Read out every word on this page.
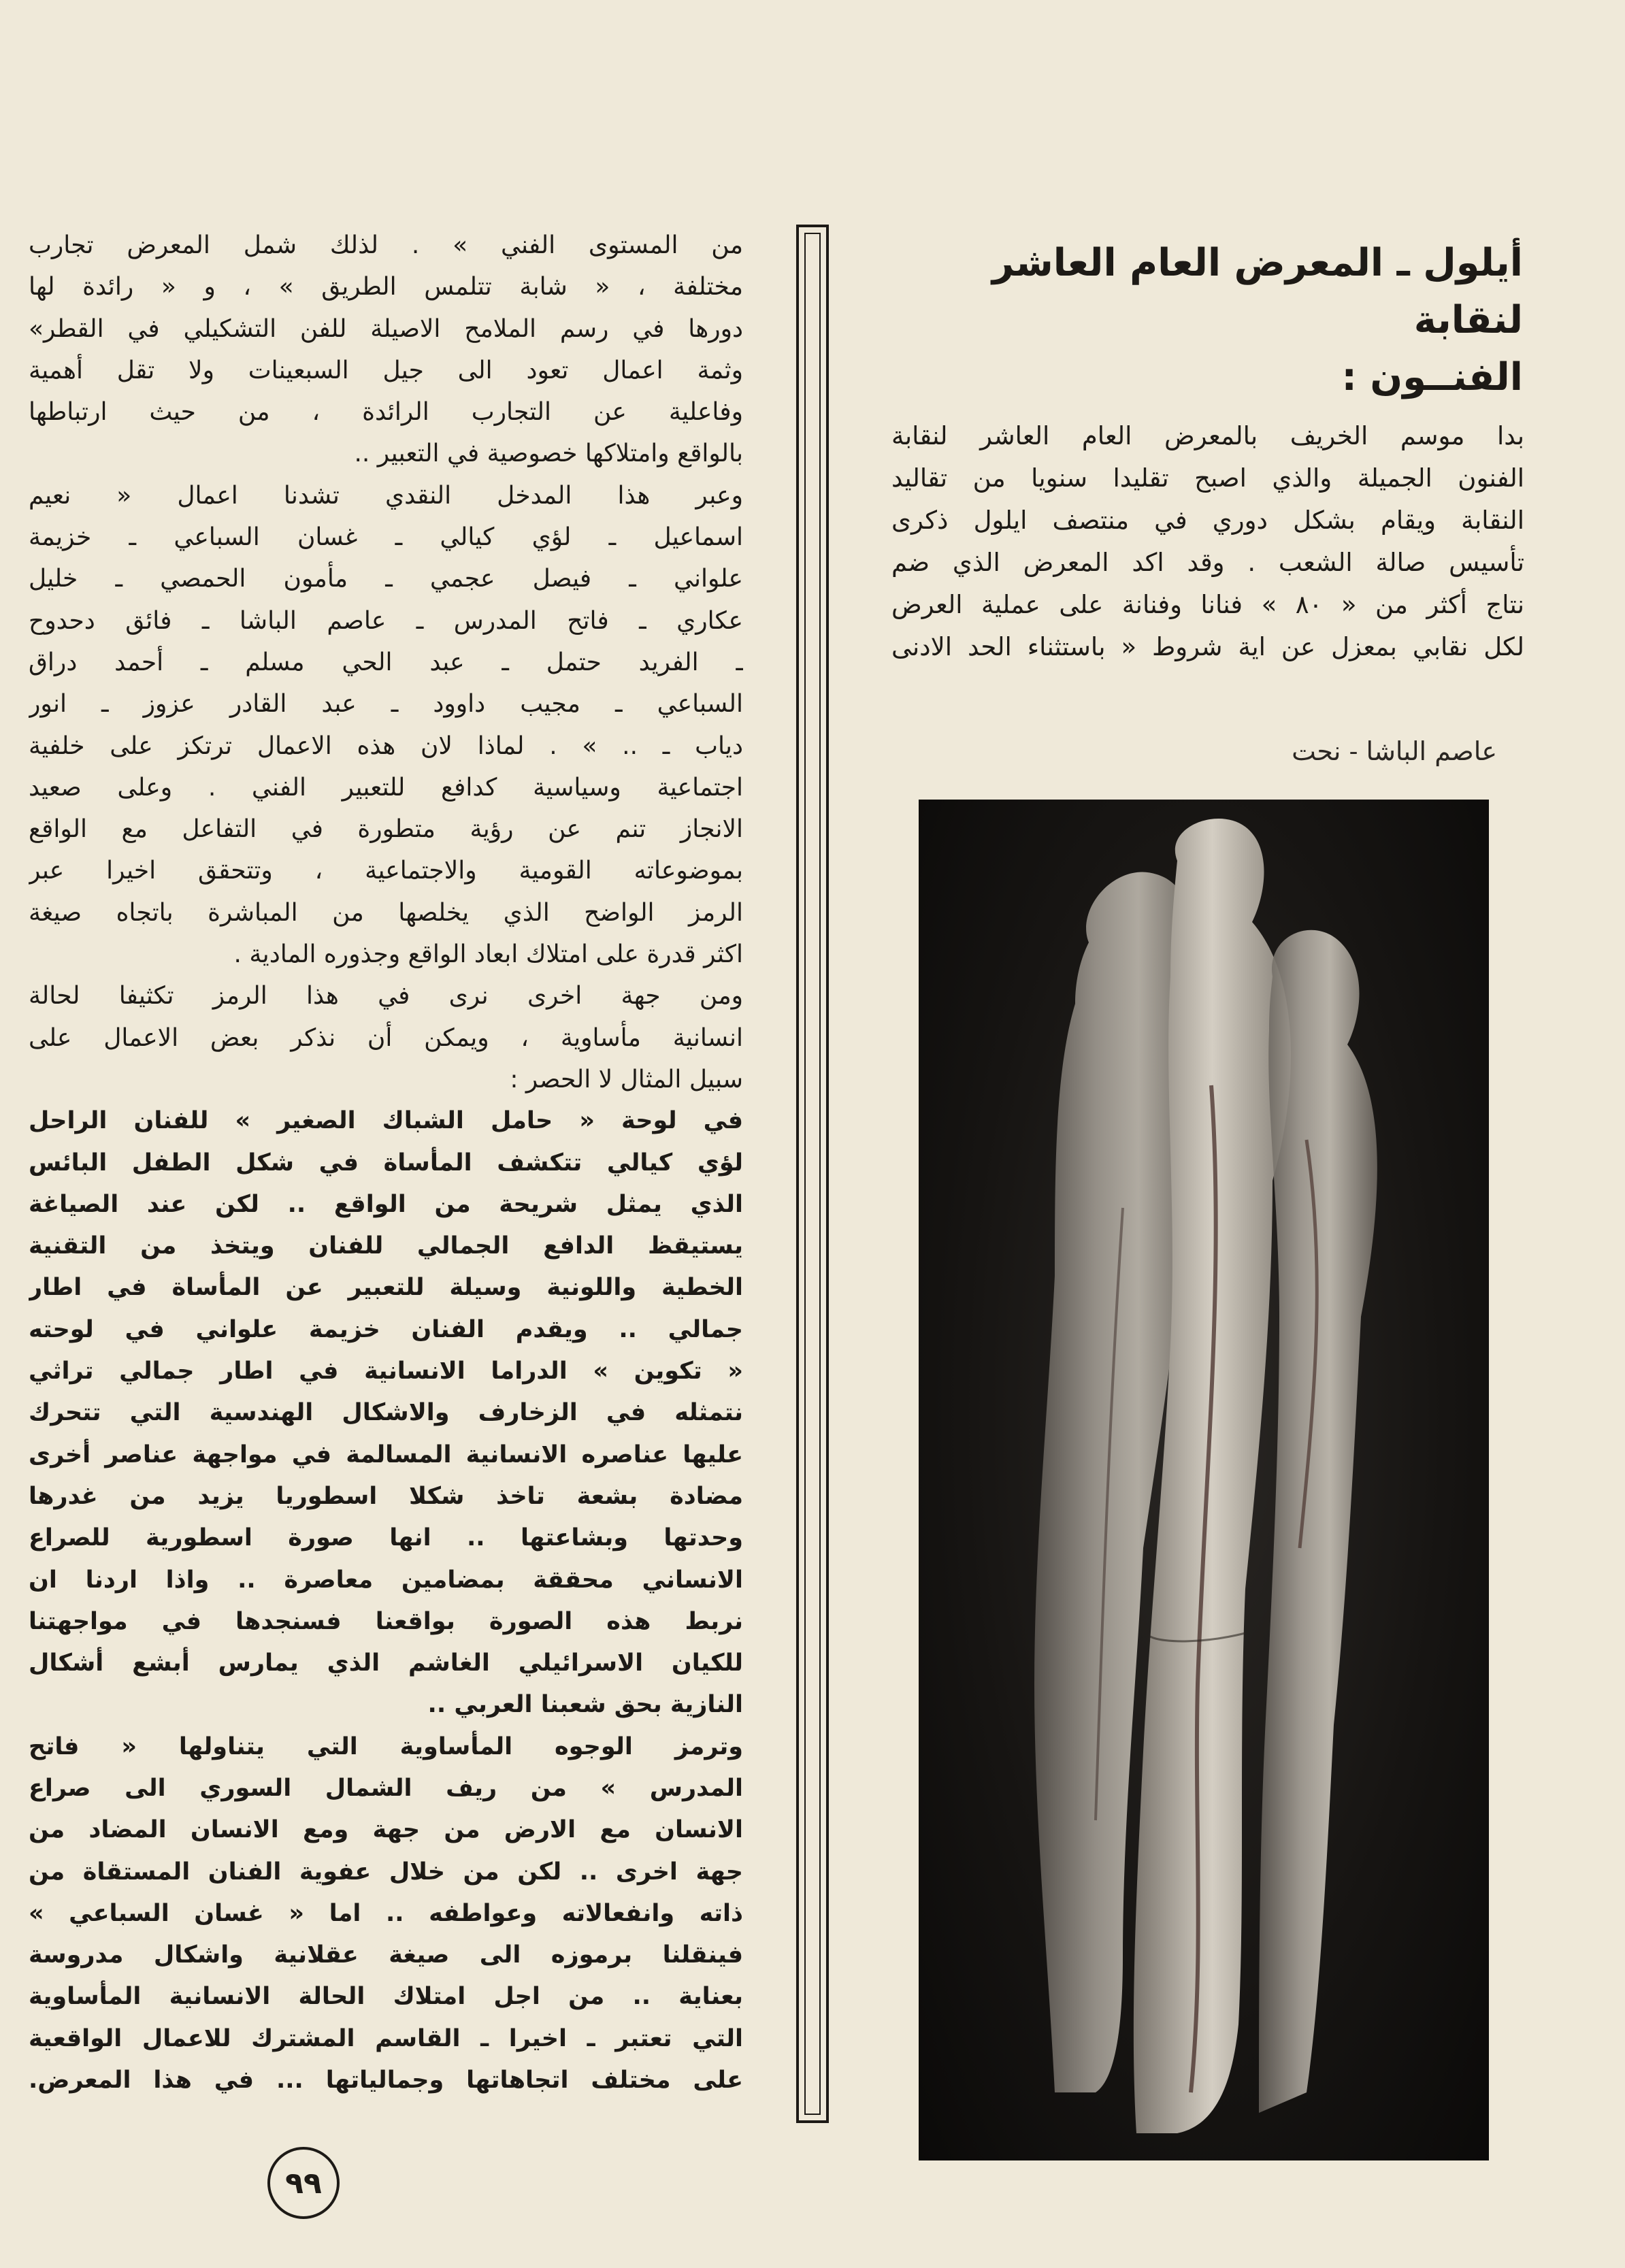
أيلول ـ المعرض العام العاشر لنقابة
الفنــون :
بدا موسم الخريف بالمعرض العام العاشر لنقابة
الفنون الجميلة والذي اصبح تقليدا سنويا من تقاليد
النقابة ويقام بشكل دوري في منتصف ايلول ذكرى
تأسيس صالة الشعب . وقد اكد المعرض الذي ضم
نتاج أكثر من « ٨٠ » فنانا وفنانة على عملية العرض
لكل نقابي بمعزل عن اية شروط « باستثناء الحد الادنى
عاصم الباشا - نحت
من المستوى الفني » . لذلك شمل المعرض تجارب
مختلفة ، « شابة تتلمس الطريق » ، و « رائدة لها
دورها في رسم الملامح الاصيلة للفن التشكيلي في القطر»
وثمة اعمال تعود الى جيل السبعينات ولا تقل أهمية
وفاعلية عن التجارب الرائدة ، من حيث ارتباطها
بالواقع وامتلاكها خصوصية في التعبير ..
وعبر هذا المدخل النقدي تشدنا اعمال « نعيم
اسماعيل ـ لؤي كيالي ـ غسان السباعي ـ خزيمة
علواني ـ فيصل عجمي ـ مأمون الحمصي ـ خليل
عكاري ـ فاتح المدرس ـ عاصم الباشا ـ فائق دحدوح
ـ الفريد حتمل ـ عبد الحي مسلم ـ أحمد دراق
السباعي ـ مجيب داوود ـ عبد القادر عزوز ـ انور
دياب ـ .. » . لماذا لان هذه الاعمال ترتكز على خلفية
اجتماعية وسياسية كدافع للتعبير الفني . وعلى صعيد
الانجاز تنم عن رؤية متطورة في التفاعل مع الواقع
بموضوعاته القومية والاجتماعية ، وتتحقق اخيرا عبر
الرمز الواضح الذي يخلصها من المباشرة باتجاه صيغة
اكثر قدرة على امتلاك ابعاد الواقع وجذوره المادية .
ومن جهة اخرى نرى في هذا الرمز تكثيفا لحالة
انسانية مأساوية ، ويمكن أن نذكر بعض الاعمال على
سبيل المثال لا الحصر :
في لوحة « حامل الشباك الصغير » للفنان الراحل
لؤي كيالي تتكشف المأساة في شكل الطفل البائس
الذي يمثل شريحة من الواقع .. لكن عند الصياغة
يستيقظ الدافع الجمالي للفنان ويتخذ من التقنية
الخطية واللونية وسيلة للتعبير عن المأساة في اطار
جمالي .. ويقدم الفنان خزيمة علواني في لوحته
« تكوين » الدراما الانسانية في اطار جمالي تراثي
نتمثله في الزخارف والاشكال الهندسية التي تتحرك
عليها عناصره الانسانية المسالمة في مواجهة عناصر أخرى
مضادة بشعة تاخذ شكلا اسطوريا يزيد من غدرها
وحدتها وبشاعتها .. انها صورة اسطورية للصراع
الانساني محققة بمضامين معاصرة .. واذا اردنا ان
نربط هذه الصورة بواقعنا فسنجدها في مواجهتنا
للكيان الاسرائيلي الغاشم الذي يمارس أبشع أشكال
النازية بحق شعبنا العربي ..
وترمز الوجوه المأساوية التي يتناولها « فاتح
المدرس » من ريف الشمال السوري الى صراع
الانسان مع الارض من جهة ومع الانسان المضاد من
جهة اخرى .. لكن من خلال عفوية الفنان المستقاة من
ذاته وانفعالاته وعواطفه .. اما « غسان السباعي »
فينقلنا برموزه الى صيغة عقلانية واشكال مدروسة
بعناية .. من اجل امتلاك الحالة الانسانية المأساوية
التي تعتبر ـ اخيرا ـ القاسم المشترك للاعمال الواقعية
على مختلف اتجاهاتها وجمالياتها ... في هذا المعرض.
٩٩
